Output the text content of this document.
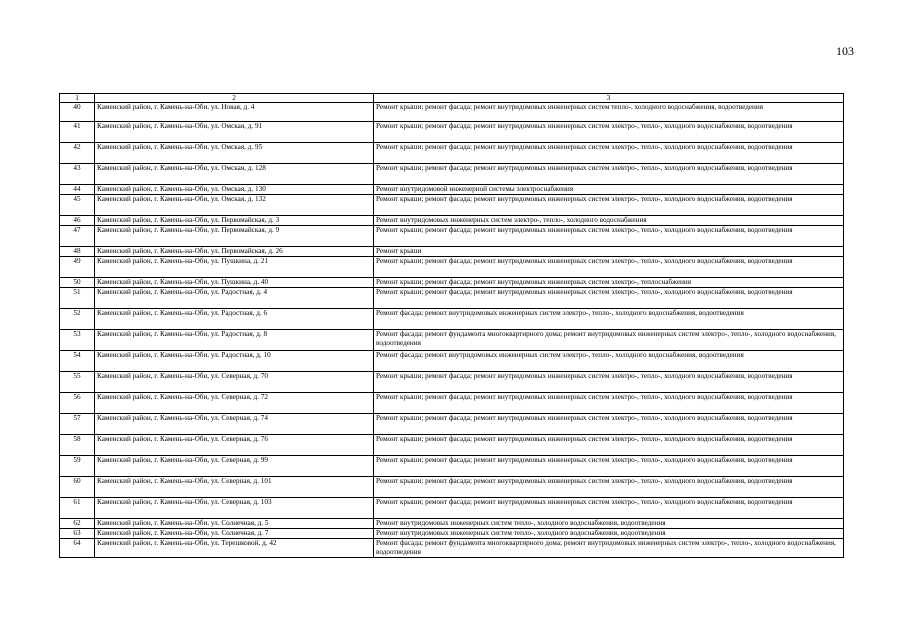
103
1	2	3
40	Каменский район, г. Камень-на-Оби, ул. Новая, д. 4	Ремонт крыши; ремонт фасада; ремонт внутридомовых инженерных систем тепло-, холодного водоснабжения, водоотведения
41	Каменский район, г. Камень-на-Оби, ул. Омская, д. 91	Ремонт крыши; ремонт фасада; ремонт внутридомовых инженерных систем электро-, тепло-, холодного водоснабжения, водоотведения
42	Каменский район, г. Камень-на-Оби, ул. Омская, д. 95	Ремонт крыши; ремонт фасада; ремонт внутридомовых инженерных систем электро-, тепло-, холодного водоснабжения, водоотведения
43	Каменский район, г. Камень-на-Оби, ул. Омская, д. 128	Ремонт крыши; ремонт фасада; ремонт внутридомовых инженерных систем электро-, тепло-, холодного водоснабжения, водоотведения
44	Каменский район, г. Камень-на-Оби, ул. Омская, д. 130	Ремонт внутридомовой инженерной системы электроснабжения
45	Каменский район, г. Камень-на-Оби, ул. Омская, д. 132	Ремонт крыши; ремонт фасада; ремонт внутридомовых инженерных систем электро-, тепло-, холодного водоснабжения, водоотведения
46	Каменский район, г. Камень-на-Оби, ул. Первомайская, д. 3	Ремонт внутридомовых инженерных систем электро-, тепло-, холодного водоснабжения
47	Каменский район, г. Камень-на-Оби, ул. Первомайская, д. 9	Ремонт крыши; ремонт фасада; ремонт внутридомовых инженерных систем электро-, тепло-, холодного водоснабжения, водоотведения
48	Каменский район, г. Камень-на-Оби, ул. Первомайская, д. 26	Ремонт крыши
49	Каменский район, г. Камень-на-Оби, ул. Пушкина, д. 21	Ремонт крыши; ремонт фасада; ремонт внутридомовых инженерных систем электро-, тепло-, холодного водоснабжения, водоотведения
50	Каменский район, г. Камень-на-Оби, ул. Пушкина, д. 40	Ремонт крыши; ремонт фасада; ремонт внутридомовых инженерных систем электро-, теплоснабжения
51	Каменский район, г. Камень-на-Оби, ул. Радостная, д. 4	Ремонт крыши; ремонт фасада; ремонт внутридомовых инженерных систем электро-, тепло-, холодного водоснабжения, водоотведения
52	Каменский район, г. Камень-на-Оби, ул. Радостная, д. 6	Ремонт фасада; ремонт внутридомовых инженерных систем электро-, тепло-, холодного водоснабжения, водоотведения
53	Каменский район, г. Камень-на-Оби, ул. Радостная, д. 8	Ремонт фасада; ремонт фундамента многоквартирного дома; ремонт внутридомовых инженерных систем электро-, тепло-, холодного водоснабжения, водоотведения
54	Каменский район, г. Камень-на-Оби, ул. Радостная, д. 10	Ремонт фасада; ремонт внутридомовых инженерных систем электро-, тепло-, холодного водоснабжения, водоотведения
55	Каменский район, г. Камень-на-Оби, ул. Северная, д. 70	Ремонт крыши; ремонт фасада; ремонт внутридомовых инженерных систем электро-, тепло-, холодного водоснабжения, водоотведения
56	Каменский район, г. Камень-на-Оби, ул. Северная, д. 72	Ремонт крыши; ремонт фасада; ремонт внутридомовых инженерных систем электро-, тепло-, холодного водоснабжения, водоотведения
57	Каменский район, г. Камень-на-Оби, ул. Северная, д. 74	Ремонт крыши; ремонт фасада; ремонт внутридомовых инженерных систем электро-, тепло-, холодного водоснабжения, водоотведения
58	Каменский район, г. Камень-на-Оби, ул. Северная, д. 76	Ремонт крыши; ремонт фасада; ремонт внутридомовых инженерных систем электро-, тепло-, холодного водоснабжения, водоотведения
59	Каменский район, г. Камень-на-Оби, ул. Северная, д. 99	Ремонт крыши; ремонт фасада; ремонт внутридомовых инженерных систем электро-, тепло-, холодного водоснабжения, водоотведения
60	Каменский район, г. Камень-на-Оби, ул. Северная, д. 101	Ремонт крыши; ремонт фасада; ремонт внутридомовых инженерных систем электро-, тепло-, холодного водоснабжения, водоотведения
61	Каменский район, г. Камень-на-Оби, ул. Северная, д. 103	Ремонт крыши; ремонт фасада; ремонт внутридомовых инженерных систем электро-, тепло-, холодного водоснабжения, водоотведения
62	Каменский район, г. Камень-на-Оби, ул. Солнечная, д. 5	Ремонт внутридомовых инженерных систем тепло-, холодного водоснабжения, водоотведения
63	Каменский район, г. Камень-на-Оби, ул. Солнечная, д. 7	Ремонт внутридомовых инженерных систем тепло-, холодного водоснабжения, водоотведения
64	Каменский район, г. Камень-на-Оби, ул. Терешковой, д. 42	Ремонт фасада; ремонт фундамента многоквартирного дома; ремонт внутридомовых инженерных систем электро-, тепло-, холодного водоснабжения, водоотведения
